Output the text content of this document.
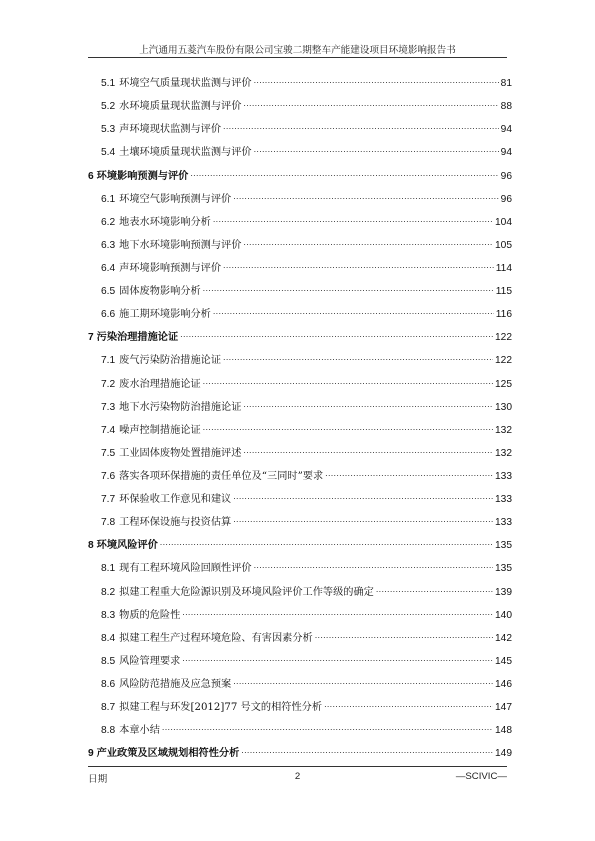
上汽通用五菱汽车股份有限公司宝骏二期整车产能建设项目环境影响报告书
5.1 环境空气质量现状监测与评价 .....	81
5.2 水环境质量现状监测与评价 .....	88
5.3 声环境现状监测与评价 .....	94
5.4 土壤环境质量现状监测与评价 .....	94
6 环境影响预测与评价 .....	96
6.1 环境空气影响预测与评价 .....	96
6.2 地表水环境影响分析 .....	104
6.3 地下水环境影响预测与评价 .....	105
6.4 声环境影响预测与评价 .....	114
6.5 固体废物影响分析 .....	115
6.6 施工期环境影响分析 .....	116
7 污染治理措施论证 .....	122
7.1 废气污染防治措施论证 .....	122
7.2 废水治理措施论证 .....	125
7.3 地下水污染物防治措施论证 .....	130
7.4 噪声控制措施论证 .....	132
7.5 工业固体废物处置措施评述 .....	132
7.6 落实各项环保措施的责任单位及“三同时”要求 .....	133
7.7 环保验收工作意见和建议 .....	133
7.8 工程环保设施与投资估算 .....	133
8 环境风险评价 .....	135
8.1 现有工程环境风险回顾性评价 .....	135
8.2 拟建工程重大危险源识别及环境风险评价工作等级的确定 .....	139
8.3 物质的危险性 .....	140
8.4 拟建工程生产过程环境危险、有害因素分析 .....	142
8.5 风险管理要求 .....	145
8.6 风险防范措施及应急预案 .....	146
8.7 拟建工程与环发[2012]77 号文的相符性分析 .....	147
8.8 本章小结 .....	148
9 产业政策及区域规划相符性分析 .....	149
日期	2	—SCIVIC—
